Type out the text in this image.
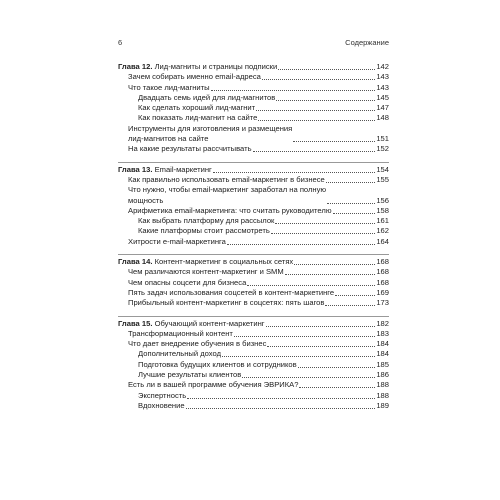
6	Содержание
Глава 12. Лид-магниты и страницы подписки	142
Зачем собирать именно email-адреса	143
Что такое лид-магниты	143
Двадцать семь идей для лид-магнитов	145
Как сделать хороший лид-магнит	147
Как показать лид-магнит на сайте	148
Инструменты для изготовления и размещения
лид-магнитов на сайте	151
На какие результаты рассчитывать	152
Глава 13. Email-маркетинг	154
Как правильно использовать email-маркетинг в бизнесе	155
Что нужно, чтобы email-маркетинг заработал на полную
мощность	156
Арифметика email-маркетинга: что считать руководителю	158
Как выбрать платформу для рассылок	161
Какие платформы стоит рассмотреть	162
Хитрости e-mail-маркетинга	164
Глава 14. Контент-маркетинг в социальных сетях	168
Чем различаются контент-маркетинг и SMM	168
Чем опасны соцсети для бизнеса	168
Пять задач использования соцсетей в контент-маркетинге	169
Прибыльный контент-маркетинг в соцсетях: пять шагов	173
Глава 15. Обучающий контент-маркетинг	182
Трансформационный контент	183
Что дает внедрение обучения в бизнес	184
Дополнительный доход	184
Подготовка будущих клиентов и сотрудников	185
Лучшие результаты клиентов	186
Есть ли в вашей программе обучения ЭВРИКА?	188
Экспертность	188
Вдохновение	189
